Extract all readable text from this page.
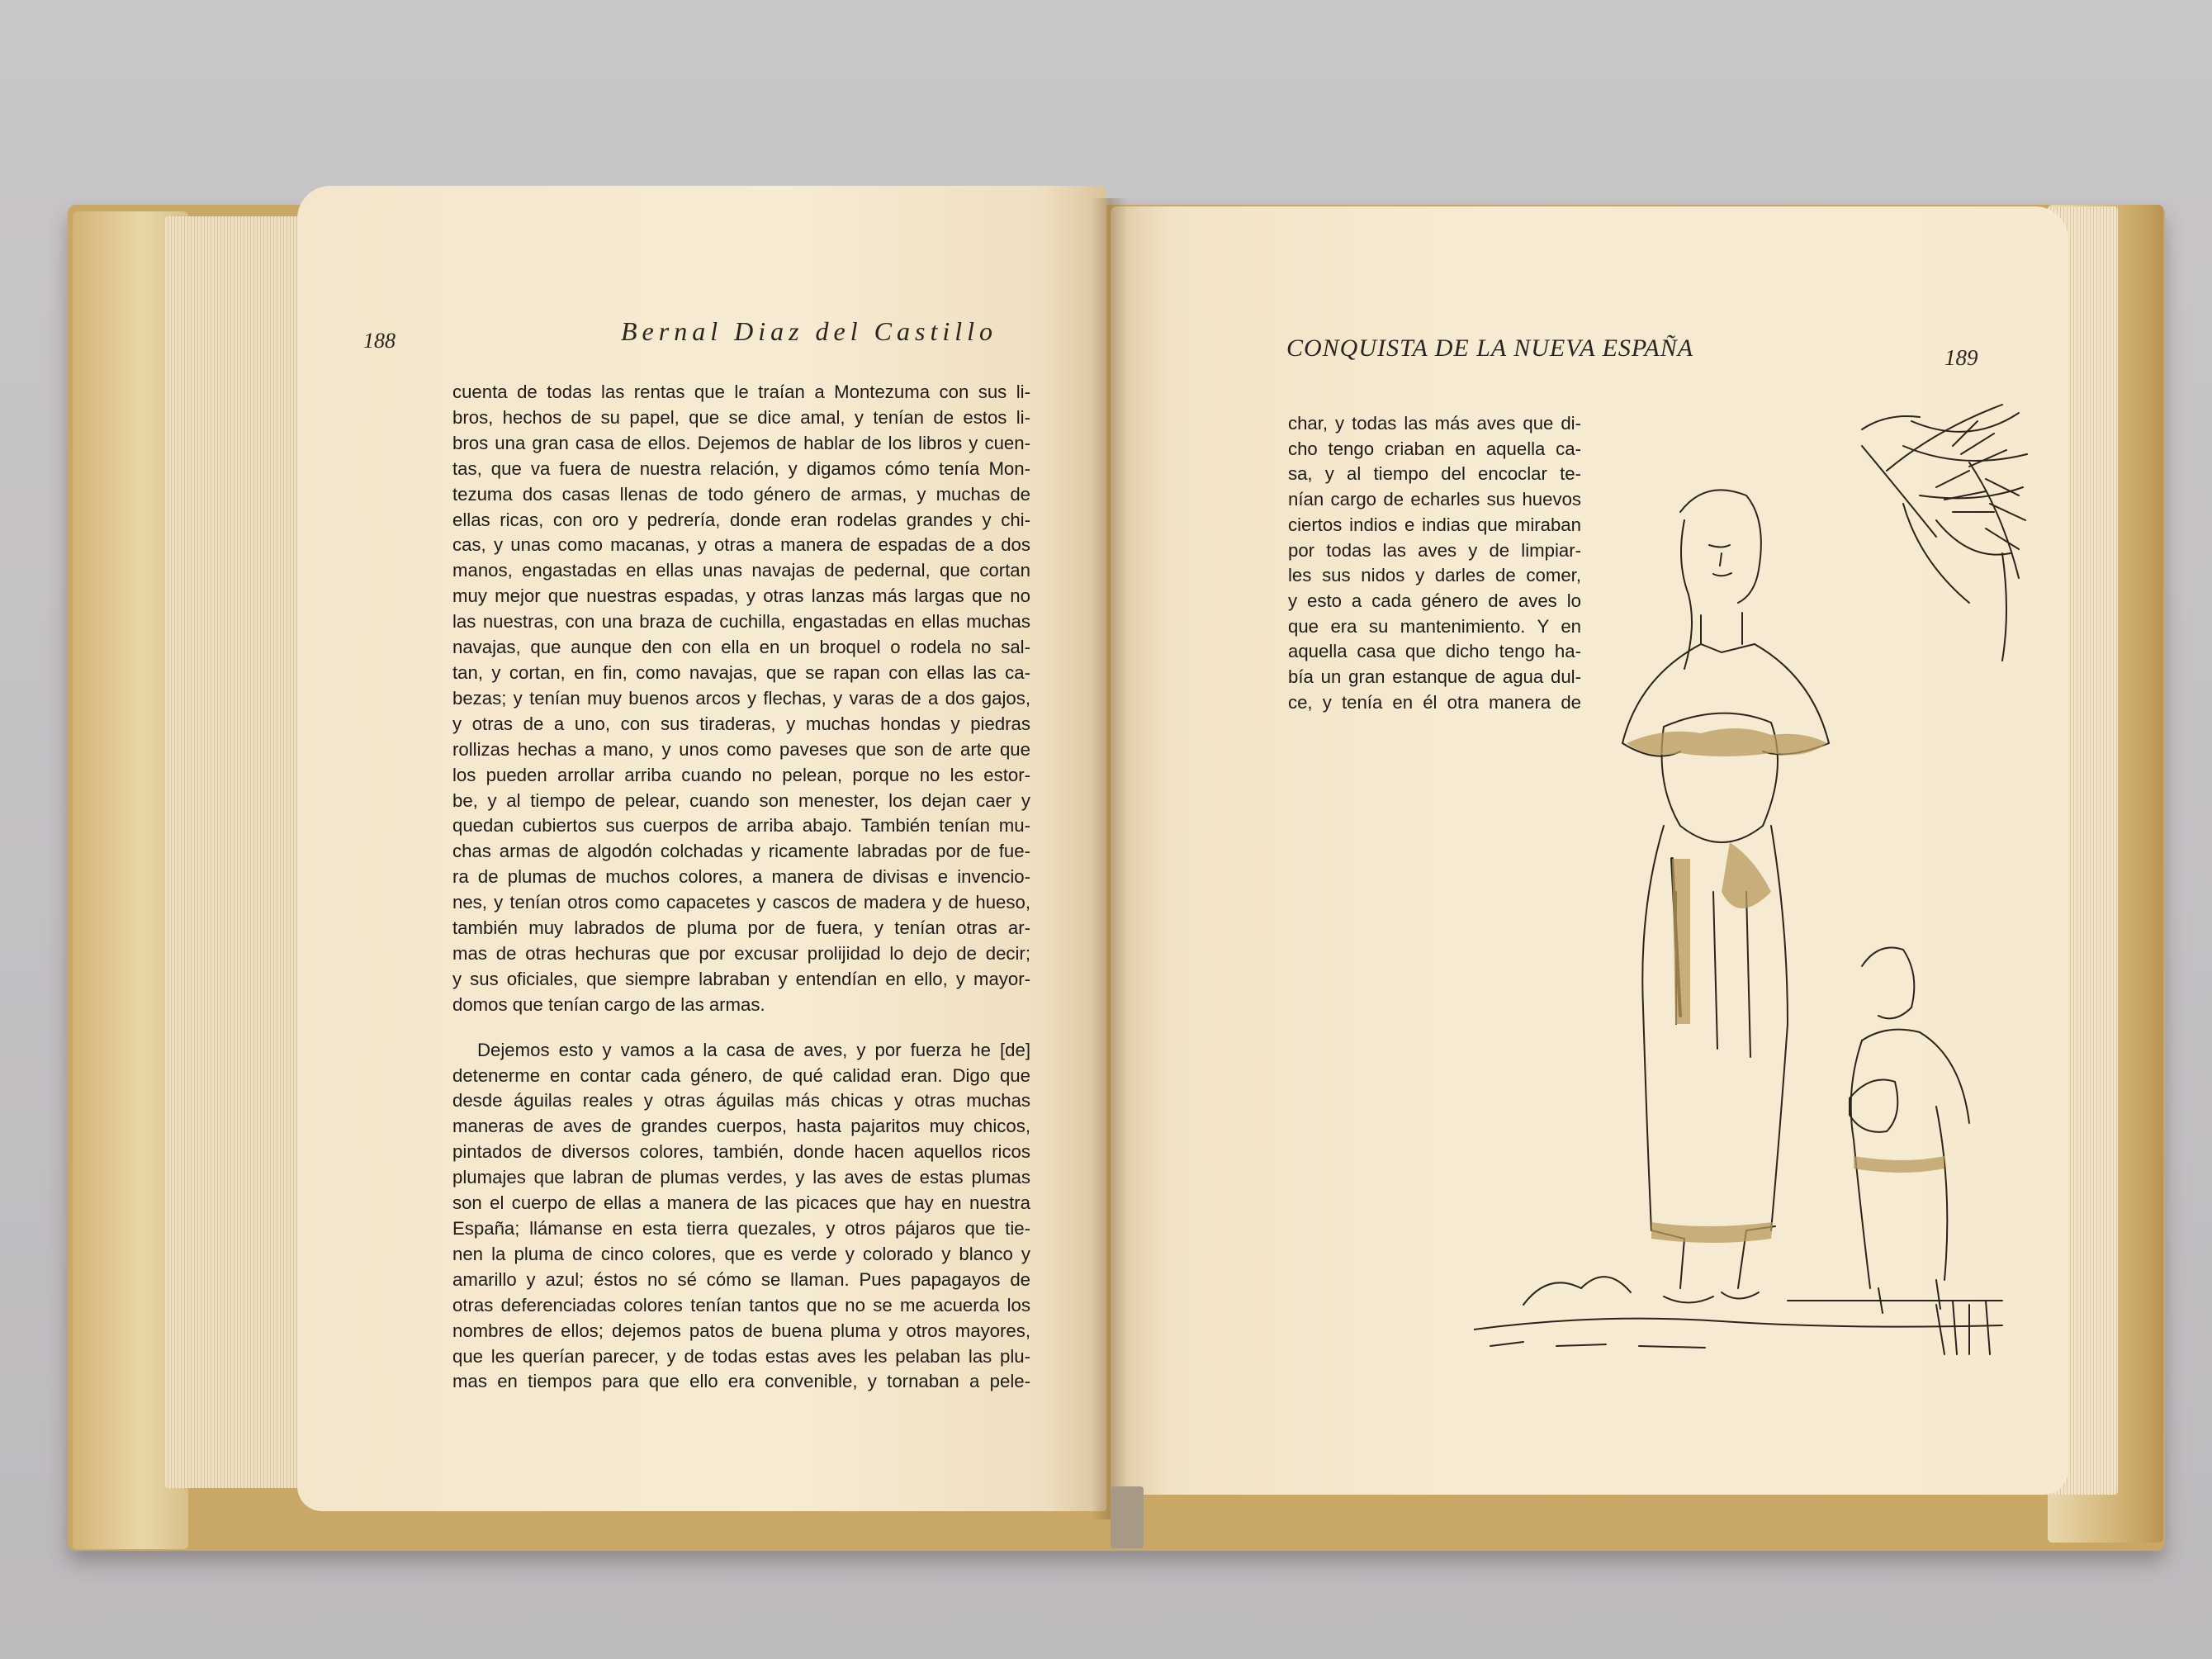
188	Bernal Diaz del Castillo
CONQUISTA DE LA NUEVA ESPAÑA	189

cuenta de todas las rentas que le traían a Montezuma con sus li-
bros, hechos de su papel, que se dice amal, y tenían de estos li-
bros una gran casa de ellos. Dejemos de hablar de los libros y cuen-
tas, que va fuera de nuestra relación, y digamos cómo tenía Mon-
tezuma dos casas llenas de todo género de armas, y muchas de
ellas ricas, con oro y pedrería, donde eran rodelas grandes y chi-
cas, y unas como macanas, y otras a manera de espadas de a dos
manos, engastadas en ellas unas navajas de pedernal, que cortan
muy mejor que nuestras espadas, y otras lanzas más largas que no
las nuestras, con una braza de cuchilla, engastadas en ellas muchas
navajas, que aunque den con ella en un broquel o rodela no sal-
tan, y cortan, en fin, como navajas, que se rapan con ellas las ca-
bezas; y tenían muy buenos arcos y flechas, y varas de a dos gajos,
y otras de a uno, con sus tiraderas, y muchas hondas y piedras
rollizas hechas a mano, y unos como paveses que son de arte que
los pueden arrollar arriba cuando no pelean, porque no les estor-
be, y al tiempo de pelear, cuando son menester, los dejan caer y
quedan cubiertos sus cuerpos de arriba abajo. También tenían mu-
chas armas de algodón colchadas y ricamente labradas por de fue-
ra de plumas de muchos colores, a manera de divisas e invencio-
nes, y tenían otros como capacetes y cascos de madera y de hueso,
también muy labrados de pluma por de fuera, y tenían otras ar-
mas de otras hechuras que por excusar prolijidad lo dejo de decir;
y sus oficiales, que siempre labraban y entendían en ello, y mayor-
domos que tenían cargo de las armas.

Dejemos esto y vamos a la casa de aves, y por fuerza he [de]
detenerme en contar cada género, de qué calidad eran. Digo que
desde águilas reales y otras águilas más chicas y otras muchas
maneras de aves de grandes cuerpos, hasta pajaritos muy chicos,
pintados de diversos colores, también, donde hacen aquellos ricos
plumajes que labran de plumas verdes, y las aves de estas plumas
son el cuerpo de ellas a manera de las picaces que hay en nuestra
España; llámanse en esta tierra quezales, y otros pájaros que tie-
nen la pluma de cinco colores, que es verde y colorado y blanco y
amarillo y azul; éstos no sé cómo se llaman. Pues papagayos de
otras deferenciadas colores tenían tantos que no se me acuerda los
nombres de ellos; dejemos patos de buena pluma y otros mayores,
que les querían parecer, y de todas estas aves les pelaban las plu-
mas en tiempos para que ello era convenible, y tornaban a pele-

char, y todas las más aves que di-
cho tengo criaban en aquella ca-
sa, y al tiempo del encoclar te-
nían cargo de echarles sus huevos
ciertos indios e indias que miraban
por todas las aves y de limpiar-
les sus nidos y darles de comer,
y esto a cada género de aves lo
que era su mantenimiento. Y en
aquella casa que dicho tengo ha-
bía un gran estanque de agua dul-
ce, y tenía en él otra manera de
